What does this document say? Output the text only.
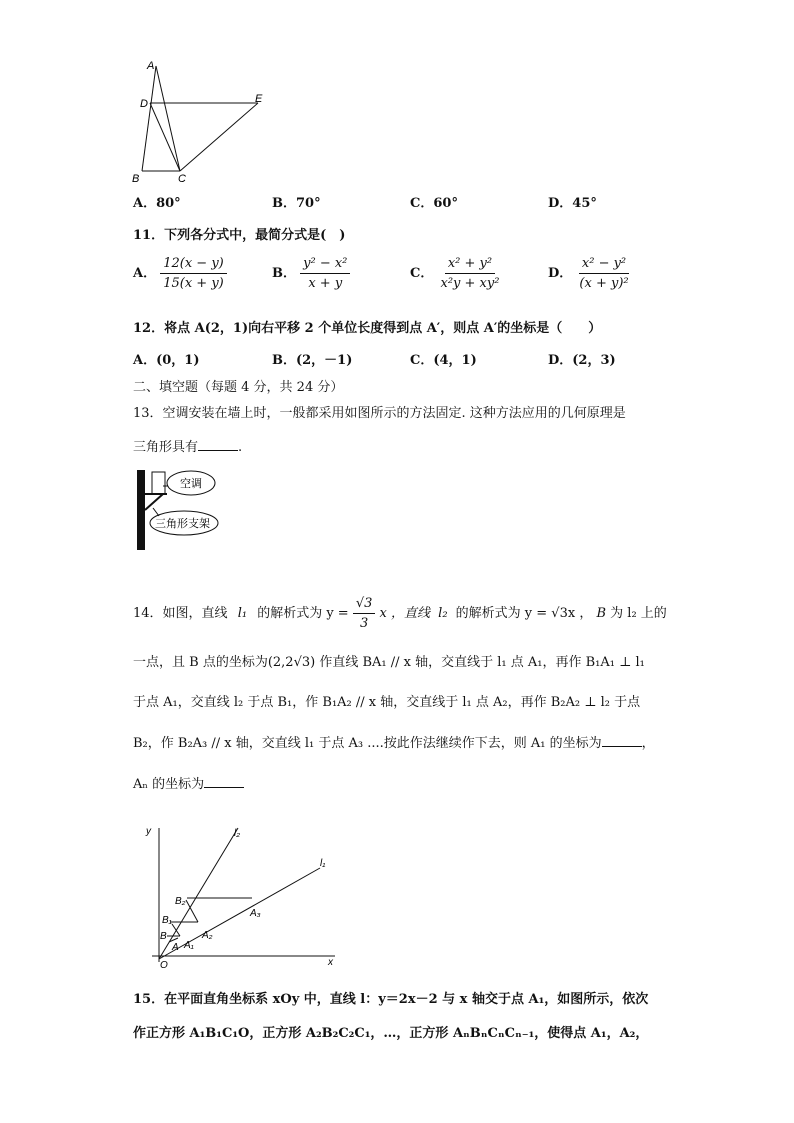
A
D	E
B	C
A．80°	B．70°	C．60°	D．45°
11．下列各分式中，最简分式是(　)
A． $\frac{12(x - y)}{15(x + y)}$	B． $\frac{\text{y² − x²}}{x + y}$	C． $\frac{\text{x² + y²}}{\text{x²y + xy²}}$	D． $\frac{\text{x² − y²}}{\text{(x + y)²}}$
12．将点 A(2，1)向右平移 2 个单位长度得到点 A′，则点 A′的坐标是（　　）
A．(0，1)	B．(2，－1)	C．(4，1)	D．(2，3)
二、填空题（每题 4 分，共 24 分）
13．空调安装在墙上时，一般都采用如图所示的方法固定. 这种方法应用的几何原理是
三角形具有	.
空调
三角形支架
14．如图，直线 l₁ 的解析式为 $y = \frac{√3}{3}$ x ，直线 l₂ 的解析式为 y = √3x ， B 为 l₂ 上的
一点，且 B 点的坐标为(2,2√3) 作直线 BA₁ // x 轴，交直线于 l₁ 点 A₁，再作 B₁A₁ ⊥ l₁
于点 A₁，交直线 l₂ 于点 B₁，作 B₁A₂ // x 轴，交直线于 l₁ 点 A₂，再作 B₂A₂ ⊥ l₂ 于点
B₂，作 B₂A₃ // x 轴，交直线 l₁ 于点 A₃ ....按此作法继续作下去，则 A₁ 的坐标为	，
Aₙ 的坐标为
y
x
O
l₂
l₁
B₂
B₁
B
A A₁
A₂
A₃
15．在平面直角坐标系 xOy 中，直线 l：y＝2x－2 与 x 轴交于点 A₁，如图所示，依次
作正方形 A₁B₁C₁O，正方形 A₂B₂C₂C₁，…，正方形 AₙBₙCₙCₙ₋₁，使得点 A₁，A₂，
